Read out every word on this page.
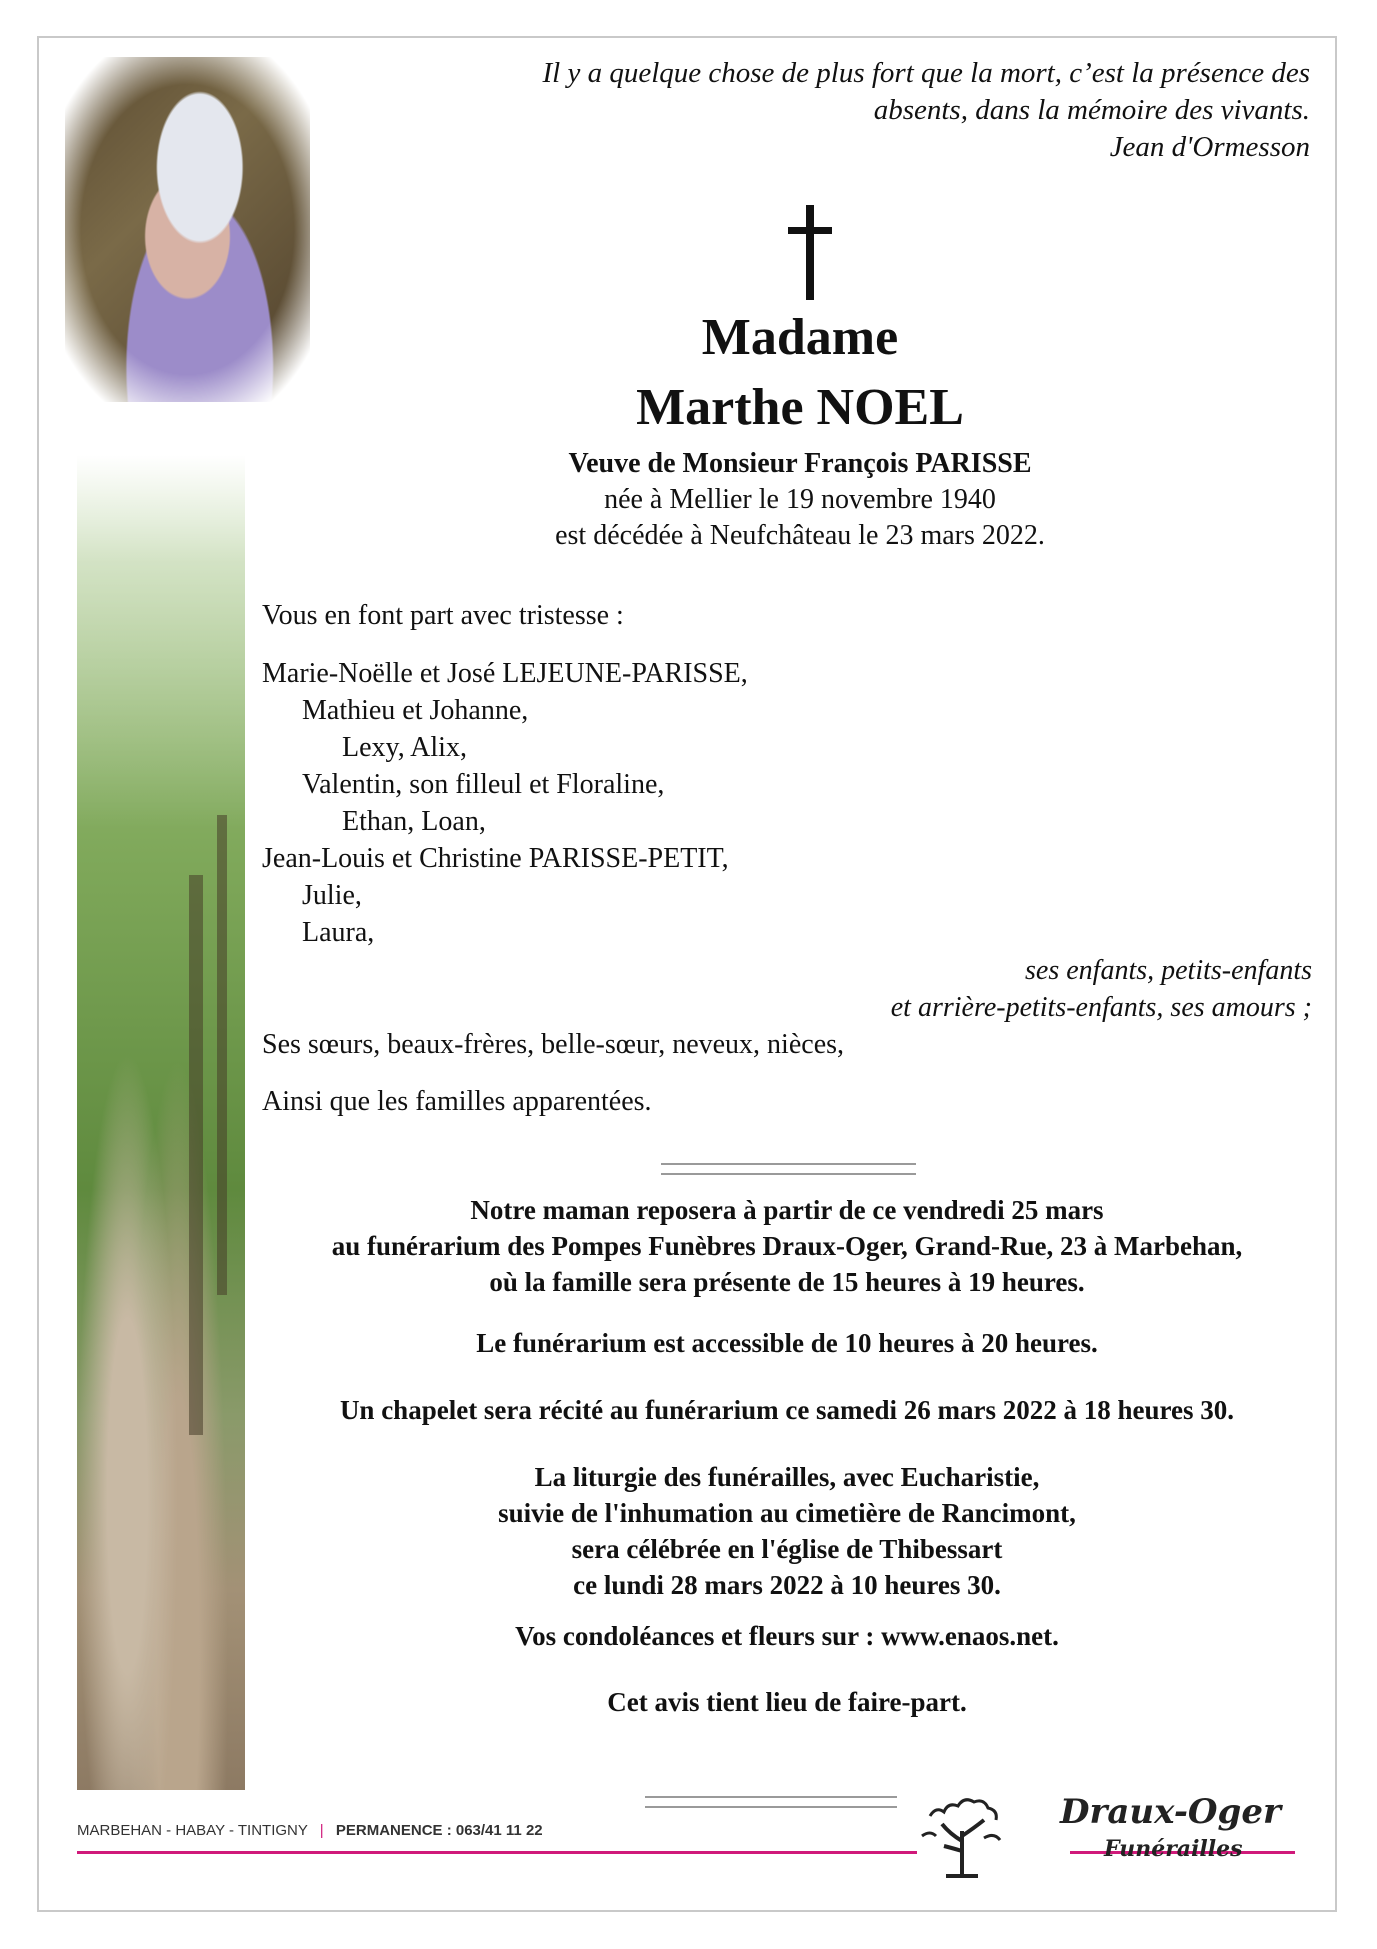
Il y a quelque chose de plus fort que la mort, c’est la présence des
absents, dans la mémoire des vivants.
Jean d'Ormesson
Madame
Marthe NOEL
Veuve de Monsieur François PARISSE
née à Mellier le 19 novembre 1940
est décédée à Neufchâteau le 23 mars 2022.
Vous en font part avec tristesse :
Marie-Noëlle et José LEJEUNE-PARISSE,
Mathieu et Johanne,
Lexy, Alix,
Valentin, son filleul et Floraline,
Ethan, Loan,
Jean-Louis et Christine PARISSE-PETIT,
Julie,
Laura,
ses enfants, petits-enfants
et arrière-petits-enfants, ses amours ;
Ses sœurs, beaux-frères, belle-sœur, neveux, nièces,
Ainsi que les familles apparentées.
Notre maman reposera à partir de ce vendredi 25 mars
au funérarium des Pompes Funèbres Draux-Oger, Grand-Rue, 23 à Marbehan,
où la famille sera présente de 15 heures à 19 heures.
Le funérarium est accessible de 10 heures à 20 heures.
Un chapelet sera récité au funérarium ce samedi 26 mars 2022 à 18 heures 30.
La liturgie des funérailles, avec Eucharistie,
suivie de l'inhumation au cimetière de Rancimont,
sera célébrée en l'église de Thibessart
ce lundi 28 mars 2022 à 10 heures 30.
Vos condoléances et fleurs sur : www.enaos.net.
Cet avis tient lieu de faire-part.
MARBEHAN - HABAY - TINTIGNY | PERMANENCE : 063/41 11 22	Draux-Oger
Funérailles
